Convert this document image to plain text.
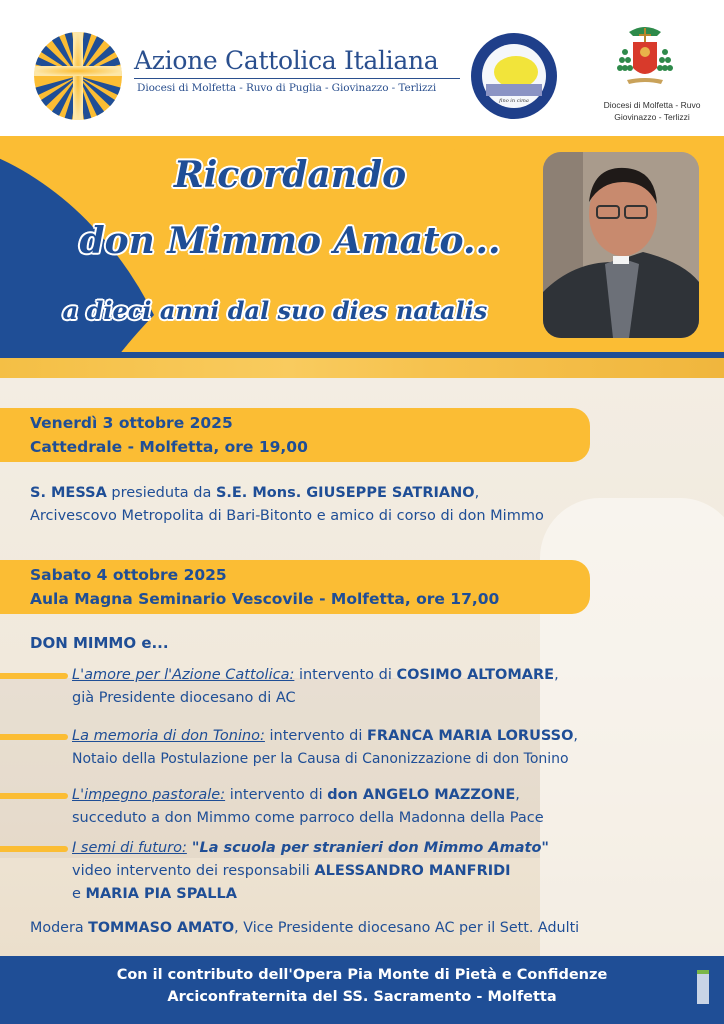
Azione Cattolica Italiana
Diocesi di Molfetta - Ruvo di Puglia - Giovinazzo - Terlizzi
fino in cima	Diocesi di Molfetta - Ruvo
Giovinazzo - Terlizzi
Ricordando
don Mimmo Amato...
a dieci anni dal suo dies natalis
Venerdì 3 ottobre 2025
Cattedrale - Molfetta, ore 19,00
S. MESSA presieduta da S.E. Mons. GIUSEPPE SATRIANO,
Arcivescovo Metropolita di Bari-Bitonto e amico di corso di don Mimmo
Sabato 4 ottobre 2025
Aula Magna Seminario Vescovile - Molfetta, ore 17,00
DON MIMMO e...
L'amore per l'Azione Cattolica: intervento di COSIMO ALTOMARE,
già Presidente diocesano di AC
La memoria di don Tonino: intervento di FRANCA MARIA LORUSSO,
Notaio della Postulazione per la Causa di Canonizzazione di don Tonino
L'impegno pastorale: intervento di don ANGELO MAZZONE,
succeduto a don Mimmo come parroco della Madonna della Pace
I semi di futuro: "La scuola per stranieri don Mimmo Amato"
video intervento dei responsabili ALESSANDRO MANFRIDI
e MARIA PIA SPALLA
Modera TOMMASO AMATO, Vice Presidente diocesano AC per il Sett. Adulti
Con il contributo dell'Opera Pia Monte di Pietà e Confidenze
Arciconfraternita del SS. Sacramento - Molfetta
